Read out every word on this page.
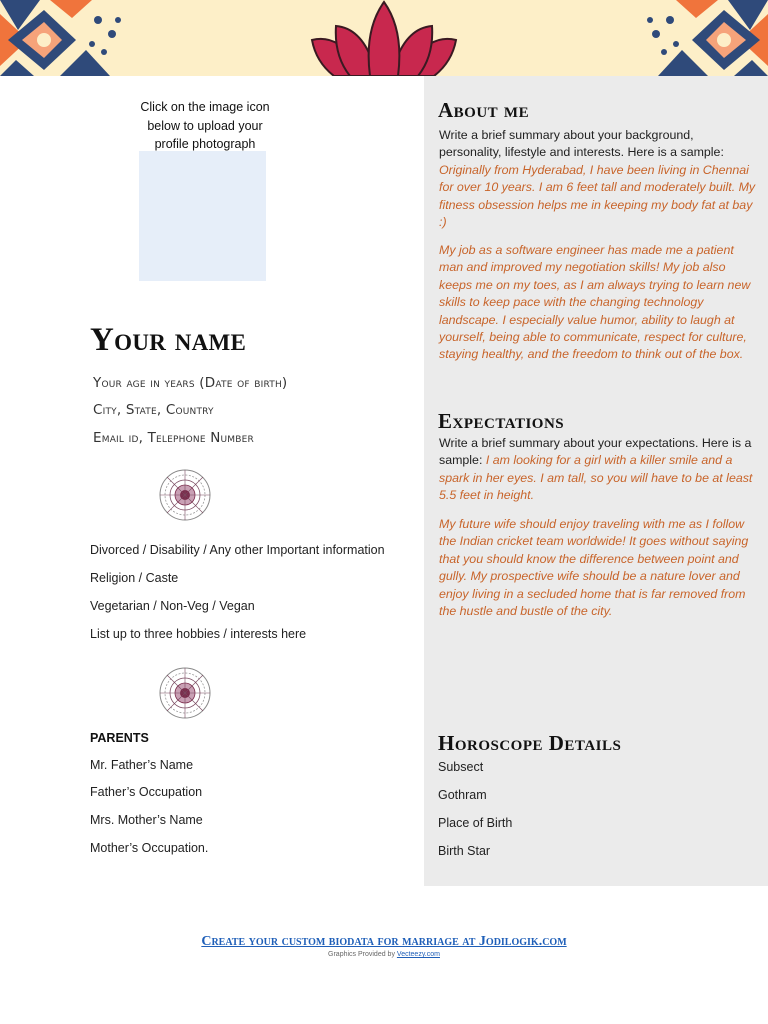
Click on the image icon
below to upload your
profile photograph
Your name
Your age in years (Date of birth)
City, State, Country
Email id, Telephone Number
Divorced / Disability / Any other Important information
Religion / Caste
Vegetarian / Non-Veg / Vegan
List up to three hobbies / interests here
PARENTS
Mr. Father’s Name
Father’s Occupation
Mrs. Mother’s Name
Mother’s Occupation.
About me

Write a brief summary about your background, personality, lifestyle and interests. Here is a sample: Originally from Hyderabad, I have been living in Chennai for over 10 years. I am 6 feet tall and moderately built. My fitness obsession helps me in keeping my body fat at bay :)

My job as a software engineer has made me a patient man and improved my negotiation skills! My job also keeps me on my toes, as I am always trying to learn new skills to keep pace with the changing technology landscape. I especially value humor, ability to laugh at yourself, being able to communicate, respect for culture, staying healthy, and the freedom to think out of the box.

Expectations

Write a brief summary about your expectations. Here is a sample: I am looking for a girl with a killer smile and a spark in her eyes. I am tall, so you will have to be at least 5.5 feet in height.

My future wife should enjoy traveling with me as I follow the Indian cricket team worldwide! It goes without saying that you should know the difference between point and gully. My prospective wife should be a nature lover and enjoy living in a secluded home that is far removed from the hustle and bustle of the city.

Horoscope Details
Subsect
Gothram
Place of Birth
Birth Star
Create your custom biodata for marriage at Jodilogik.com
Graphics Provided by Vecteezy.com
